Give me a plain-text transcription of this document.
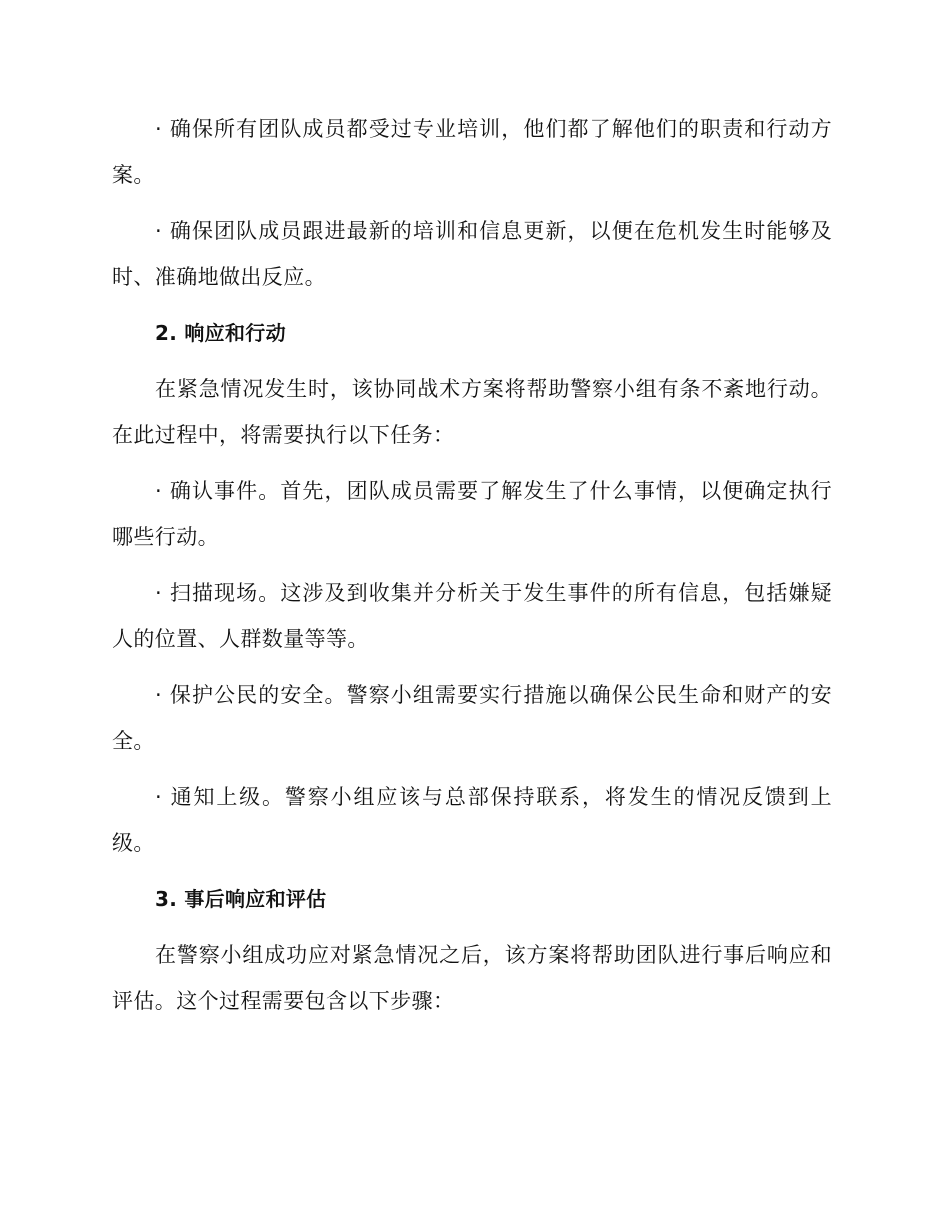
· 确保所有团队成员都受过专业培训，他们都了解他们的职责和行动方案。

· 确保团队成员跟进最新的培训和信息更新，以便在危机发生时能够及时、准确地做出反应。

2. 响应和行动

在紧急情况发生时，该协同战术方案将帮助警察小组有条不紊地行动。在此过程中，将需要执行以下任务：

· 确认事件。首先，团队成员需要了解发生了什么事情，以便确定执行哪些行动。

· 扫描现场。这涉及到收集并分析关于发生事件的所有信息，包括嫌疑人的位置、人群数量等等。

· 保护公民的安全。警察小组需要实行措施以确保公民生命和财产的安全。

· 通知上级。警察小组应该与总部保持联系，将发生的情况反馈到上级。

3. 事后响应和评估

在警察小组成功应对紧急情况之后，该方案将帮助团队进行事后响应和评估。这个过程需要包含以下步骤：
